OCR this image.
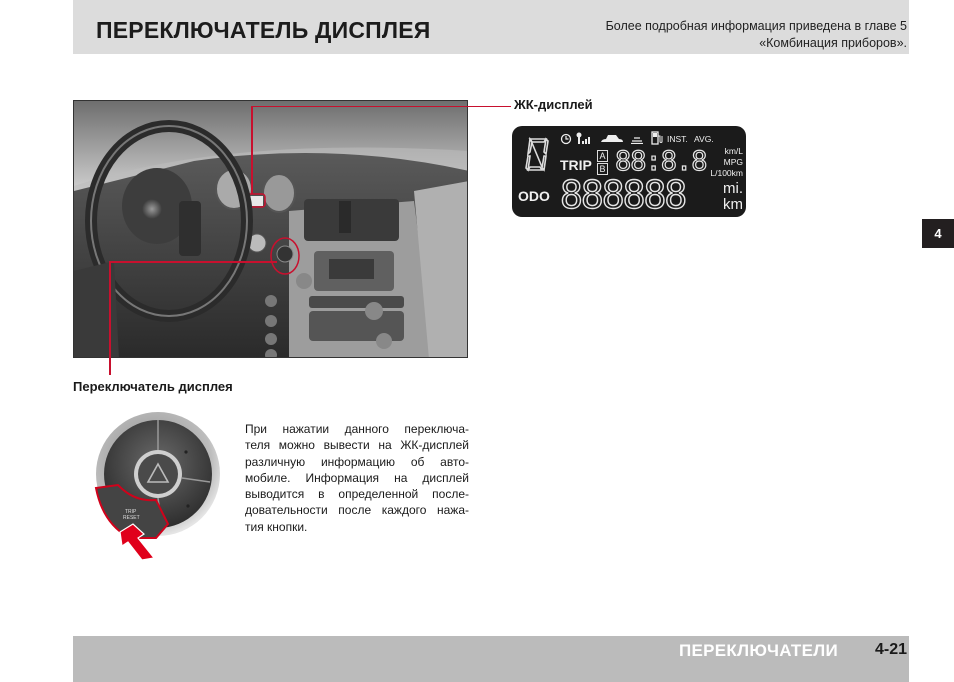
ПЕРЕКЛЮЧАТЕЛЬ ДИСПЛЕЯ	Более подробная информация приведена в главе 5
«Комбинация приборов».
4
ЖК-дисплей
ODO
TRIP
A
B
INST. AVG.
88:8.8 km/L
MPG
L/100km
888888	mi.
km
Переключатель дисплея
TRIP
RESET
При нажатии данного переключа-
теля можно вывести на ЖК-дисплей
различную информацию об авто-
мобиле. Информация на дисплей
выводится в определенной после-
довательности после каждого нажа-
тия кнопки.
ПЕРЕКЛЮЧАТЕЛИ 4-21
